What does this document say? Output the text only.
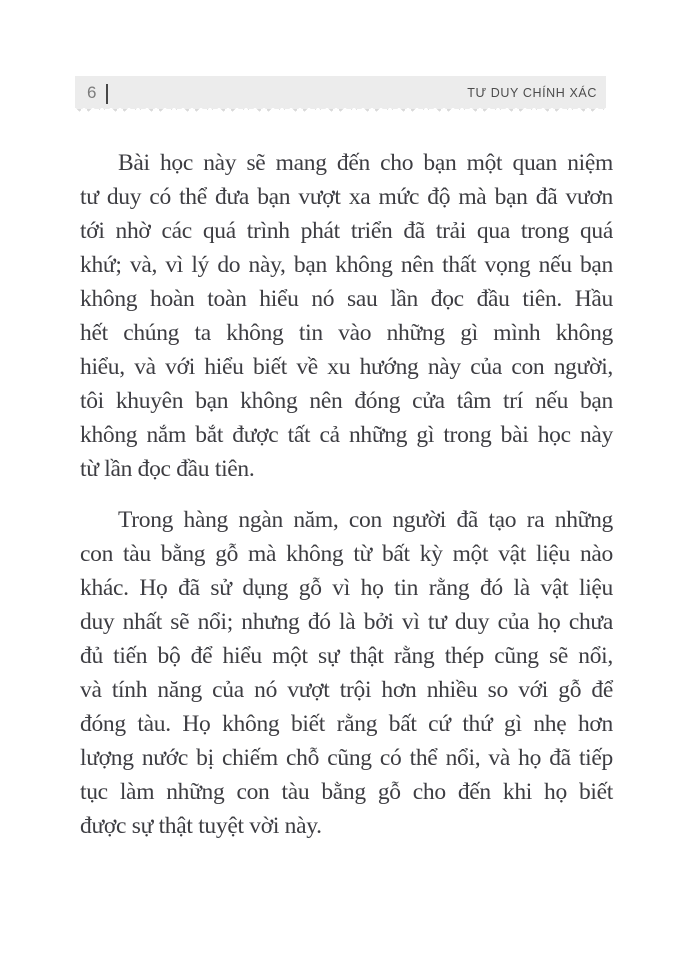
6	TƯ DUY CHÍNH XÁC
Bài học này sẽ mang đến cho bạn một quan niệm
tư duy có thể đưa bạn vượt xa mức độ mà bạn đã vươn
tới nhờ các quá trình phát triển đã trải qua trong quá
khứ; và, vì lý do này, bạn không nên thất vọng nếu bạn
không hoàn toàn hiểu nó sau lần đọc đầu tiên. Hầu
hết chúng ta không tin vào những gì mình không
hiểu, và với hiểu biết về xu hướng này của con người,
tôi khuyên bạn không nên đóng cửa tâm trí nếu bạn
không nắm bắt được tất cả những gì trong bài học này
từ lần đọc đầu tiên.
Trong hàng ngàn năm, con người đã tạo ra những
con tàu bằng gỗ mà không từ bất kỳ một vật liệu nào
khác. Họ đã sử dụng gỗ vì họ tin rằng đó là vật liệu
duy nhất sẽ nổi; nhưng đó là bởi vì tư duy của họ chưa
đủ tiến bộ để hiểu một sự thật rằng thép cũng sẽ nổi,
và tính năng của nó vượt trội hơn nhiều so với gỗ để
đóng tàu. Họ không biết rằng bất cứ thứ gì nhẹ hơn
lượng nước bị chiếm chỗ cũng có thể nổi, và họ đã tiếp
tục làm những con tàu bằng gỗ cho đến khi họ biết
được sự thật tuyệt vời này.
